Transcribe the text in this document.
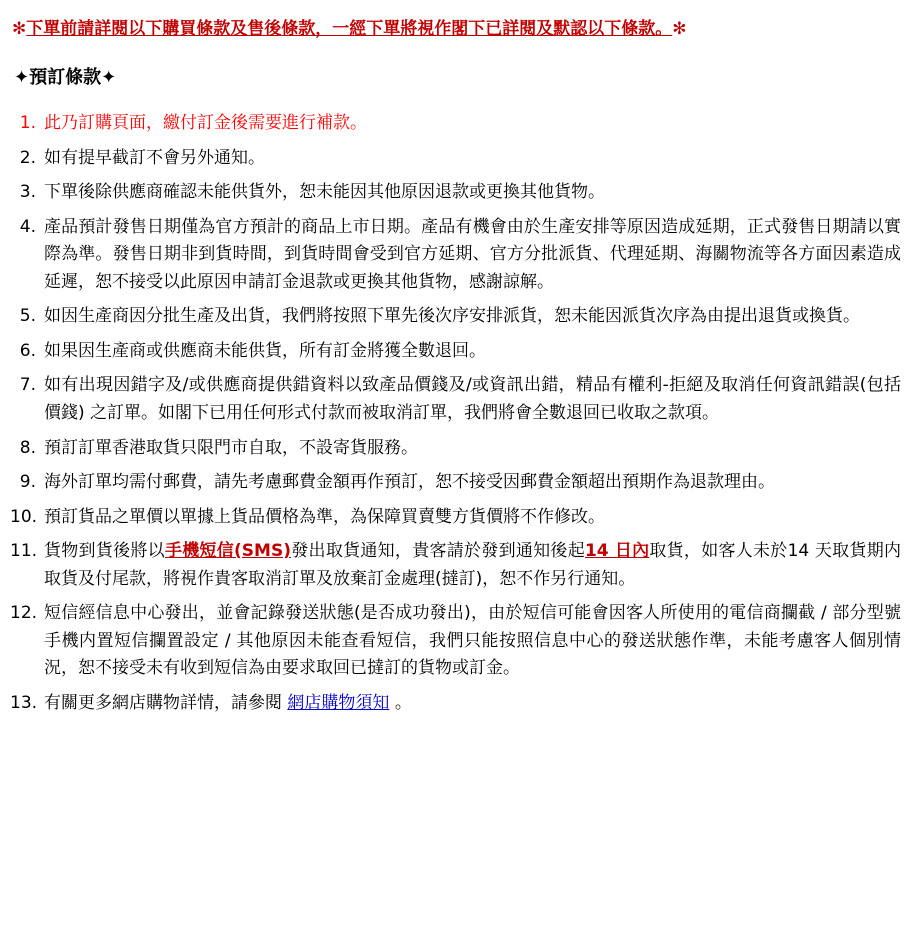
✻下單前請詳閱以下購買條款及售後條款，一經下單將視作閣下已詳閱及默認以下條款。✻
✦預訂條款✦
1. 此乃訂購頁面，繳付訂金後需要進行補款。
2. 如有提早截訂不會另外通知。
3. 下單後除供應商確認未能供貨外，恕未能因其他原因退款或更換其他貨物。
4. 產品預計發售日期僅為官方預計的商品上市日期。產品有機會由於生產安排等原因造成延期，正式發售日期請以實際為準。發售日期非到貨時間，到貨時間會受到官方延期、官方分批派貨、代理延期、海關物流等各方面因素造成延遲，恕不接受以此原因申請訂金退款或更換其他貨物，感謝諒解。
5. 如因生產商因分批生產及出貨，我們將按照下單先後次序安排派貨，恕未能因派貨次序為由提出退貨或換貨。
6. 如果因生產商或供應商未能供貨，所有訂金將獲全數退回。
7. 如有出現因錯字及/或供應商提供錯資料以致產品價錢及/或資訊出錯，精品有權利-拒絕及取消任何資訊錯誤(包括價錢) 之訂單。如閣下已用任何形式付款而被取消訂單，我們將會全數退回已收取之款項。
8. 預訂訂單香港取貨只限門市自取，不設寄貨服務。
9. 海外訂單均需付郵費，請先考慮郵費金額再作預訂，恕不接受因郵費金額超出預期作為退款理由。
10. 預訂貨品之單價以單據上貨品價格為準，為保障買賣雙方貨價將不作修改。
11. 貨物到貨後將以手機短信(SMS)發出取貨通知，貴客請於發到通知後起14 日內取貨，如客人未於14 天取貨期内取貨及付尾款，將視作貴客取消訂單及放棄訂金處理(撻訂)，恕不作另行通知。
12. 短信經信息中心發出，並會記錄發送狀態(是否成功發出)，由於短信可能會因客人所使用的電信商攔截 / 部分型號手機内置短信攔置設定 / 其他原因未能查看短信，我們只能按照信息中心的發送狀態作準，未能考慮客人個別情況，恕不接受未有收到短信為由要求取回已撻訂的貨物或訂金。
13. 有關更多網店購物詳情，請參閱 網店購物須知 。
